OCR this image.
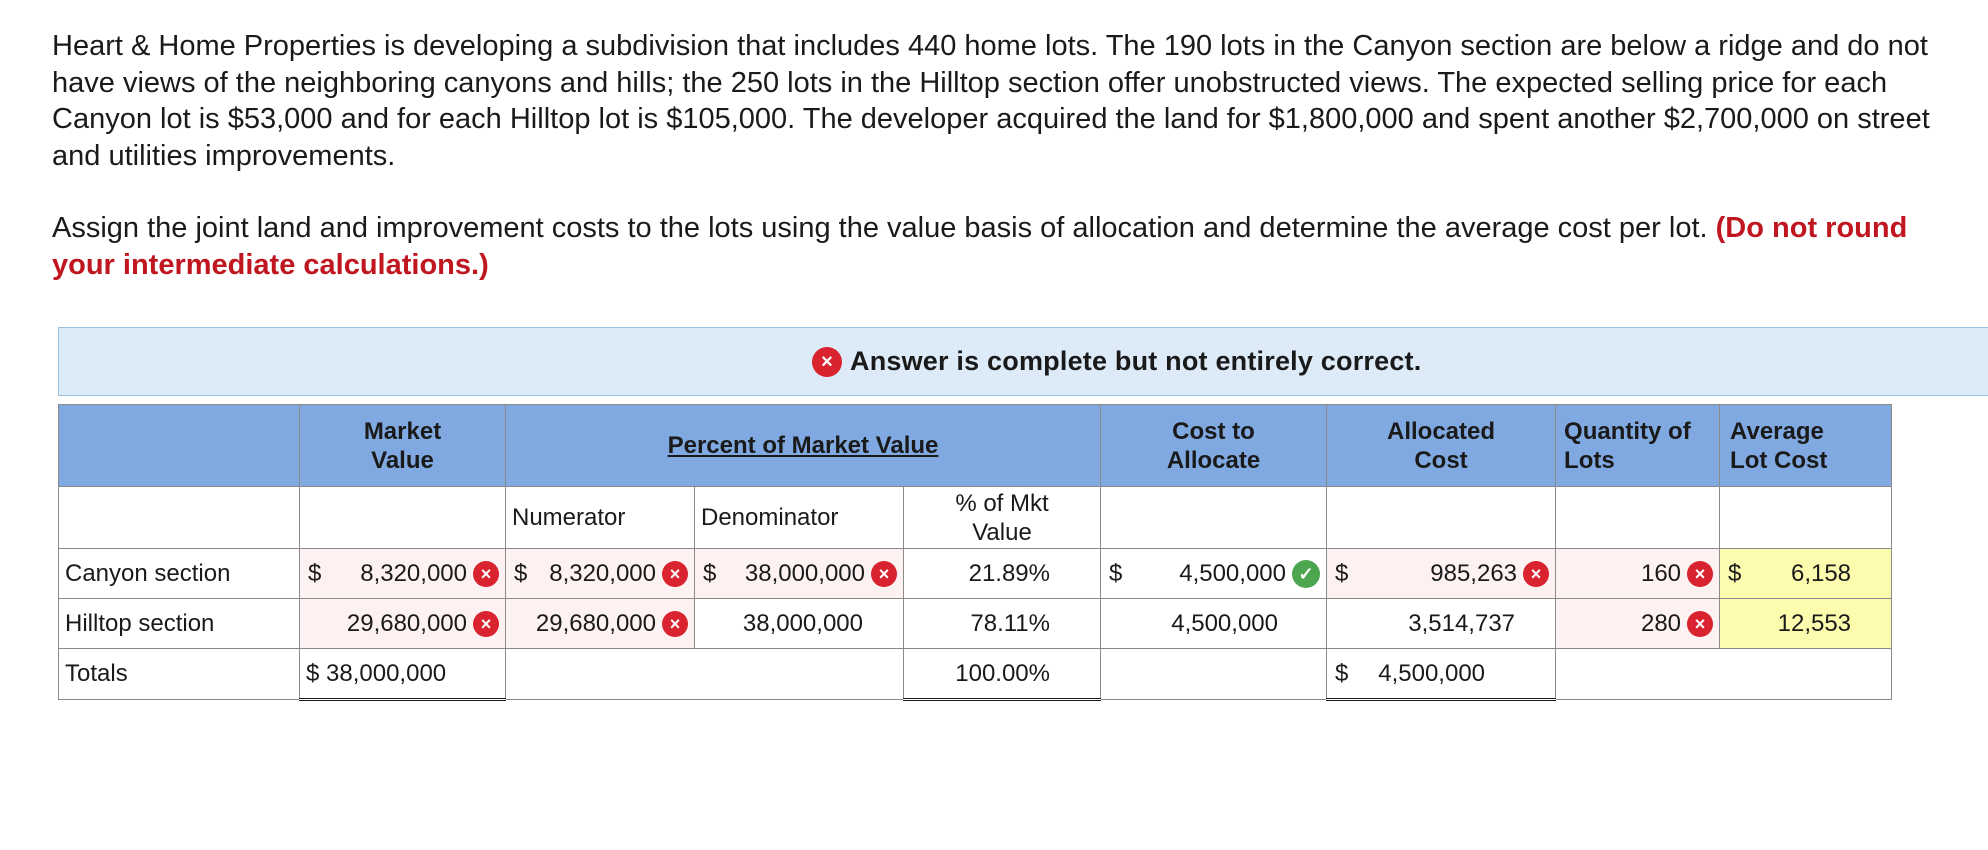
Heart & Home Properties is developing a subdivision that includes 440 home lots. The 190 lots in the Canyon section are below a ridge and do not have views of the neighboring canyons and hills; the 250 lots in the Hilltop section offer unobstructed views. The expected selling price for each Canyon lot is $53,000 and for each Hilltop lot is $105,000. The developer acquired the land for $1,800,000 and spent another $2,700,000 on street and utilities improvements.

Assign the joint land and improvement costs to the lots using the value basis of allocation and determine the average cost per lot. (Do not round your intermediate calculations.)

× Answer is complete but not entirely correct.

	Market Value	Percent of Market Value			Cost to Allocate	Allocated Cost	Quantity of Lots	Average Lot Cost

		Numerator	Denominator	% of Mkt Value				

Canyon section	$ 8,320,000 ×	$ 8,320,000 ×	$ 38,000,000 ×	21.89%	$ 4,500,000 ✓	$ 985,263 ×	160 ×	$ 6,158

Hilltop section	29,680,000 ×	29,680,000 ×	38,000,000	78.11%	4,500,000	3,514,737	280 ×	12,553

Totals	$ 38,000,000			100.00%		$ 4,500,000		
